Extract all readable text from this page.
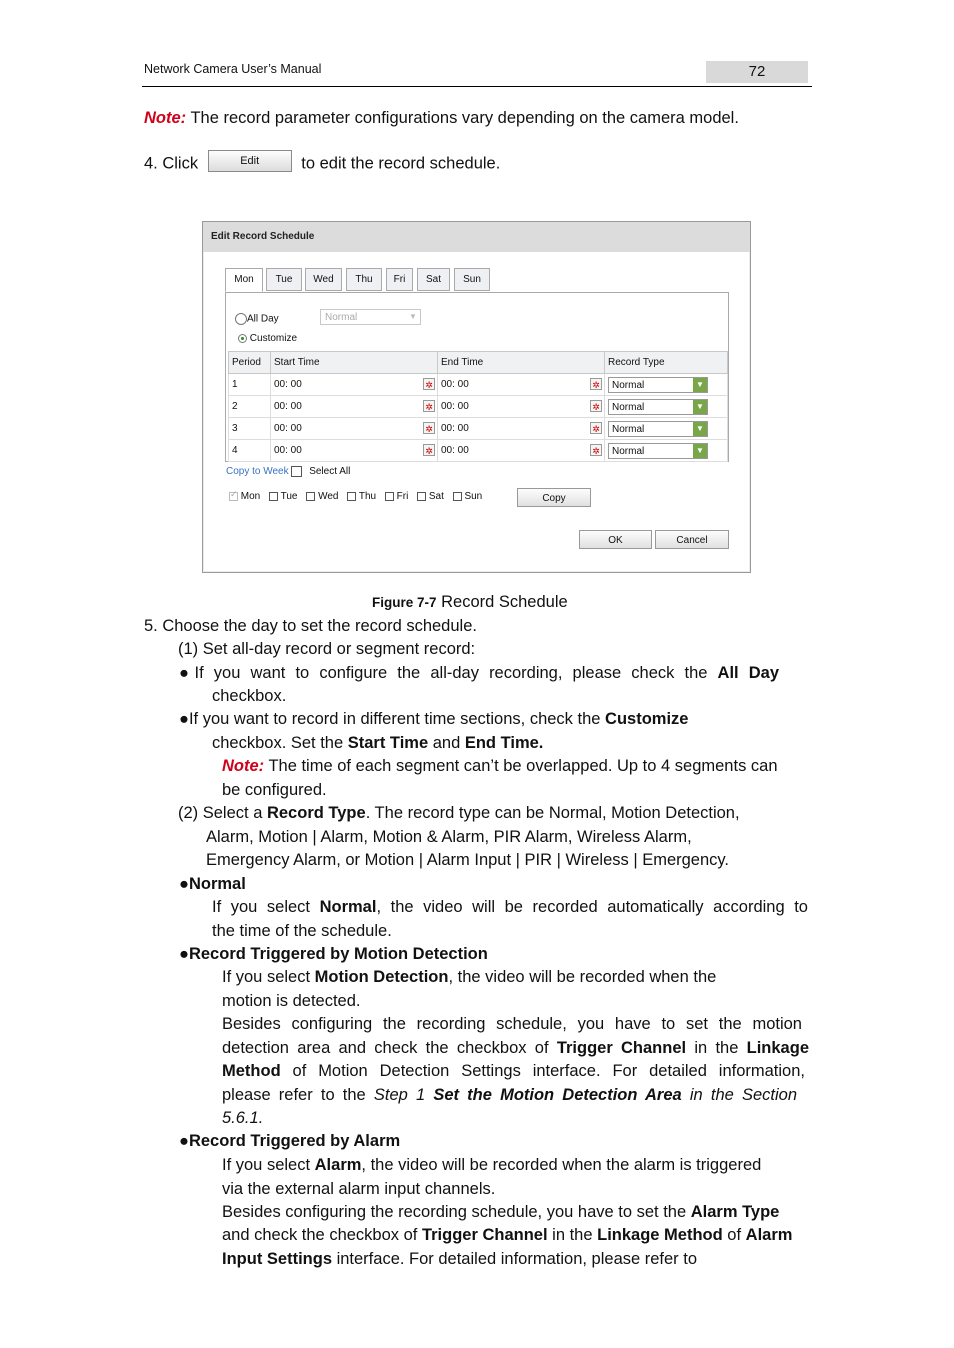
Network Camera User’s Manual	72
Note: The record parameter configurations vary depending on the camera model.
4. Click	Edit to edit the record schedule.
Edit Record Schedule
Mon	Tue	Wed	Thu	Fri	Sat	Sun
All Day	Normal	▼
Customize
Period	Start Time	End Time	Record Type
1	00: 00 ✲	00: 00 ✲	Normal ▼

2	00: 00 ✲	00: 00 ✲	Normal ▼

3	00: 00 ✲	00: 00 ✲	Normal ▼

4	00: 00 ✲	00: 00 ✲	Normal ▼
Copy to Week Select All
✓ Mon Tue Wed Thu Fri Sat Sun	Copy
OK	Cancel
Figure 7-7 Record Schedule
5. Choose the day to set the record schedule.
(1) Set all-day record or segment record:
●If you want to configure the all-day recording, please check the All Day
checkbox.
●If you want to record in different time sections, check the Customize
checkbox. Set the Start Time and End Time.
Note: The time of each segment can’t be overlapped. Up to 4 segments can
be configured.
(2) Select a Record Type. The record type can be Normal, Motion Detection,
Alarm, Motion | Alarm, Motion & Alarm, PIR Alarm, Wireless Alarm,
Emergency Alarm, or Motion | Alarm Input | PIR | Wireless | Emergency.
●Normal
If you select Normal, the video will be recorded automatically according to
the time of the schedule.
●Record Triggered by Motion Detection
If you select Motion Detection, the video will be recorded when the
motion is detected.
Besides configuring the recording schedule, you have to set the motion
detection area and check the checkbox of Trigger Channel in the Linkage
Method of Motion Detection Settings interface. For detailed information,
please refer to the Step 1 Set the Motion Detection Area in the Section
5.6.1.
●Record Triggered by Alarm
If you select Alarm, the video will be recorded when the alarm is triggered
via the external alarm input channels.
Besides configuring the recording schedule, you have to set the Alarm Type
and check the checkbox of Trigger Channel in the Linkage Method of Alarm
Input Settings interface. For detailed information, please refer to
